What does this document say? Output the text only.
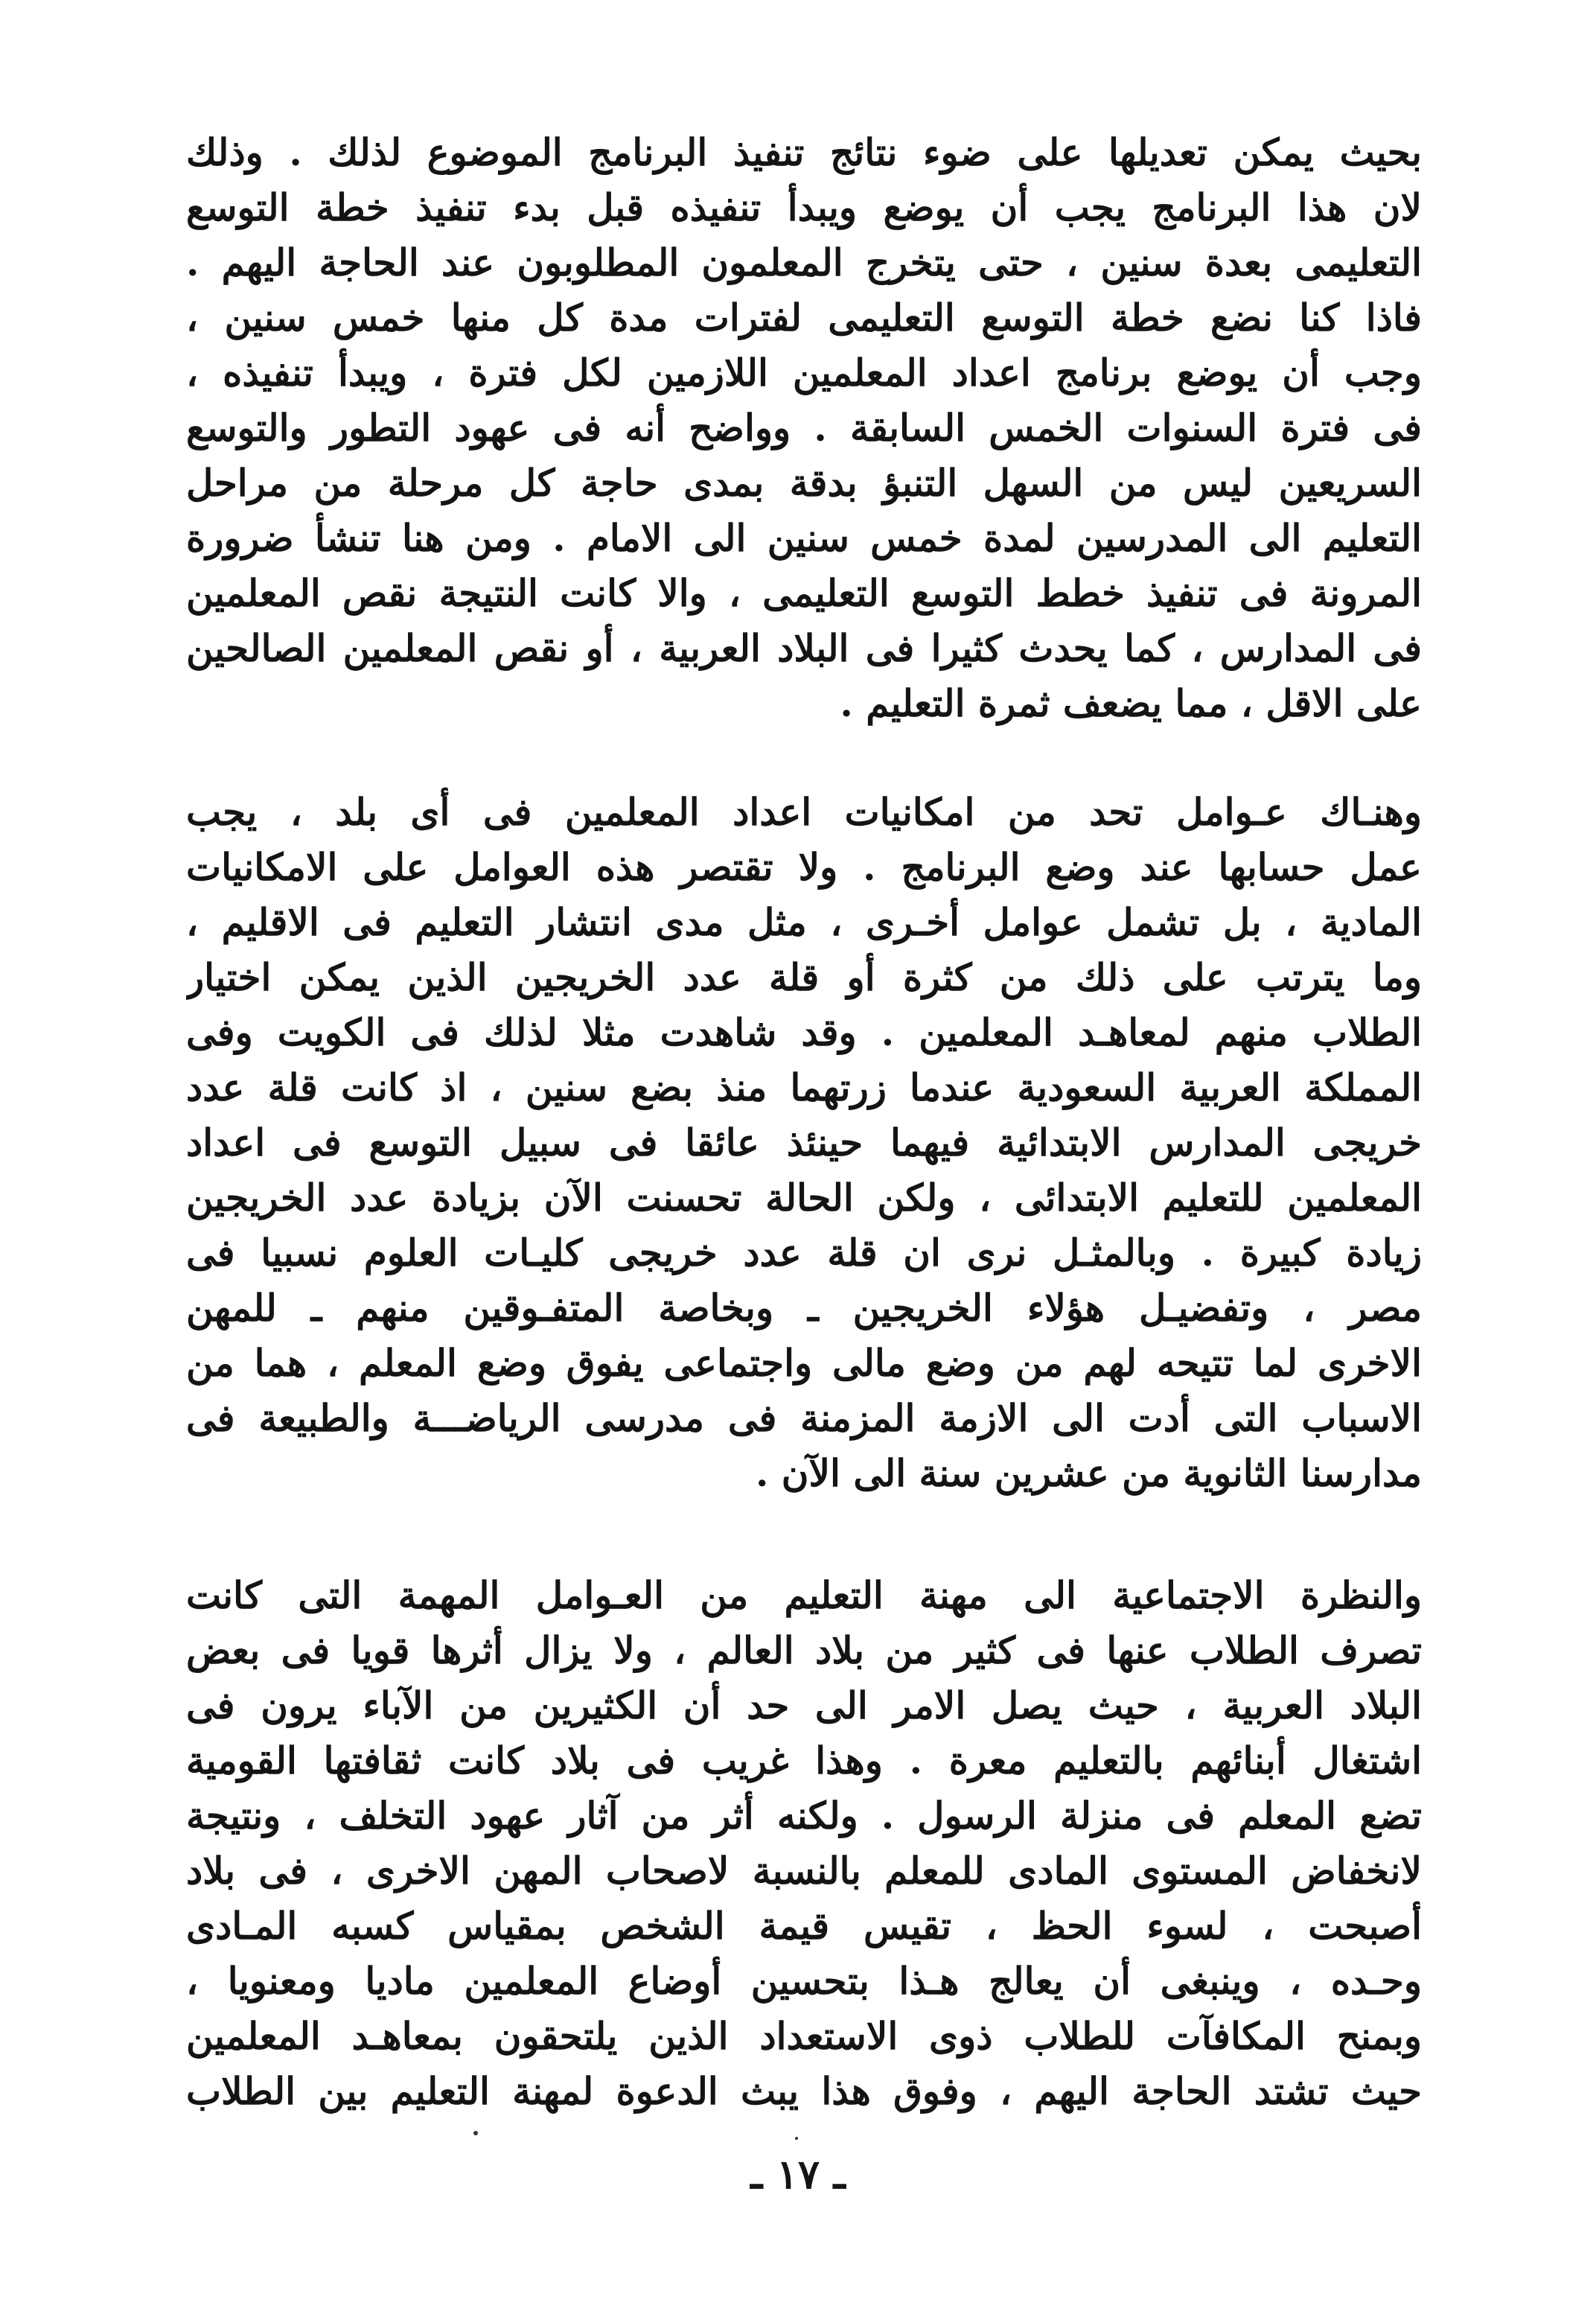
بحيث يمكن تعديلها على ضوء نتائج تنفيذ البرنامج الموضوع لذلك . وذلك
لان هذا البرنامج يجب أن يوضع ويبدأ تنفيذه قبل بدء تنفيذ خطة التوسع
التعليمى بعدة سنين ، حتى يتخرج المعلمون المطلوبون عند الحاجة اليهم .
فاذا كنا نضع خطة التوسع التعليمى لفترات مدة كل منها خمس سنين ،
وجب أن يوضع برنامج اعداد المعلمين اللازمين لكل فترة ، ويبدأ تنفيذه ،
فى فترة السنوات الخمس السابقة . وواضح أنه فى عهود التطور والتوسع
السريعين ليس من السهل التنبؤ بدقة بمدى حاجة كل مرحلة من مراحل
التعليم الى المدرسين لمدة خمس سنين الى الامام . ومن هنا تنشأ ضرورة
المرونة فى تنفيذ خطط التوسع التعليمى ، والا كانت النتيجة نقص المعلمين
فى المدارس ، كما يحدث كثيرا فى البلاد العربية ، أو نقص المعلمين الصالحين
على الاقل ، مما يضعف ثمرة التعليم .
وهنـاك عـوامل تحد من امكانيات اعداد المعلمين فى أى بلد ، يجب
عمل حسابها عند وضع البرنامج . ولا تقتصر هذه العوامل على الامكانيات
المادية ، بل تشمل عوامل أخـرى ، مثل مدى انتشار التعليم فى الاقليم ،
وما يترتب على ذلك من كثرة أو قلة عدد الخريجين الذين يمكن اختيار
الطلاب منهم لمعاهـد المعلمين . وقد شاهدت مثلا لذلك فى الكويت وفى
المملكة العربية السعودية عندما زرتهما منذ بضع سنين ، اذ كانت قلة عدد
خريجى المدارس الابتدائية فيهما حينئذ عائقا فى سبيل التوسع فى اعداد
المعلمين للتعليم الابتدائى ، ولكن الحالة تحسنت الآن بزيادة عدد الخريجين
زيادة كبيرة . وبالمثـل نرى ان قلة عدد خريجى كليـات العلوم نسبيا فى
مصر ، وتفضيـل هؤلاء الخريجين ـ وبخاصة المتفـوقين منهم ـ للمهن
الاخرى لما تتيحه لهم من وضع مالى واجتماعى يفوق وضع المعلم ، هما من
الاسباب التى أدت الى الازمة المزمنة فى مدرسى الرياضـــة والطبيعة فى
مدارسنا الثانوية من عشرين سنة الى الآن .
والنظرة الاجتماعية الى مهنة التعليم من العـوامل المهمة التى كانت
تصرف الطلاب عنها فى كثير من بلاد العالم ، ولا يزال أثرها قويا فى بعض
البلاد العربية ، حيث يصل الامر الى حد أن الكثيرين من الآباء يرون فى
اشتغال أبنائهم بالتعليم معرة . وهذا غريب فى بلاد كانت ثقافتها القومية
تضع المعلم فى منزلة الرسول . ولكنه أثر من آثار عهود التخلف ، ونتيجة
لانخفاض المستوى المادى للمعلم بالنسبة لاصحاب المهن الاخرى ، فى بلاد
أصبحت ، لسوء الحظ ، تقيس قيمة الشخص بمقياس كسبه المـادى
وحـده ، وينبغى أن يعالج هـذا بتحسين أوضاع المعلمين ماديا ومعنويا ،
وبمنح المكافآت للطلاب ذوى الاستعداد الذين يلتحقون بمعاهـد المعلمين
حيث تشتد الحاجة اليهم ، وفوق هذا يبث الدعوة لمهنة التعليم بين الطلاب
ـ ١٧ ـ
